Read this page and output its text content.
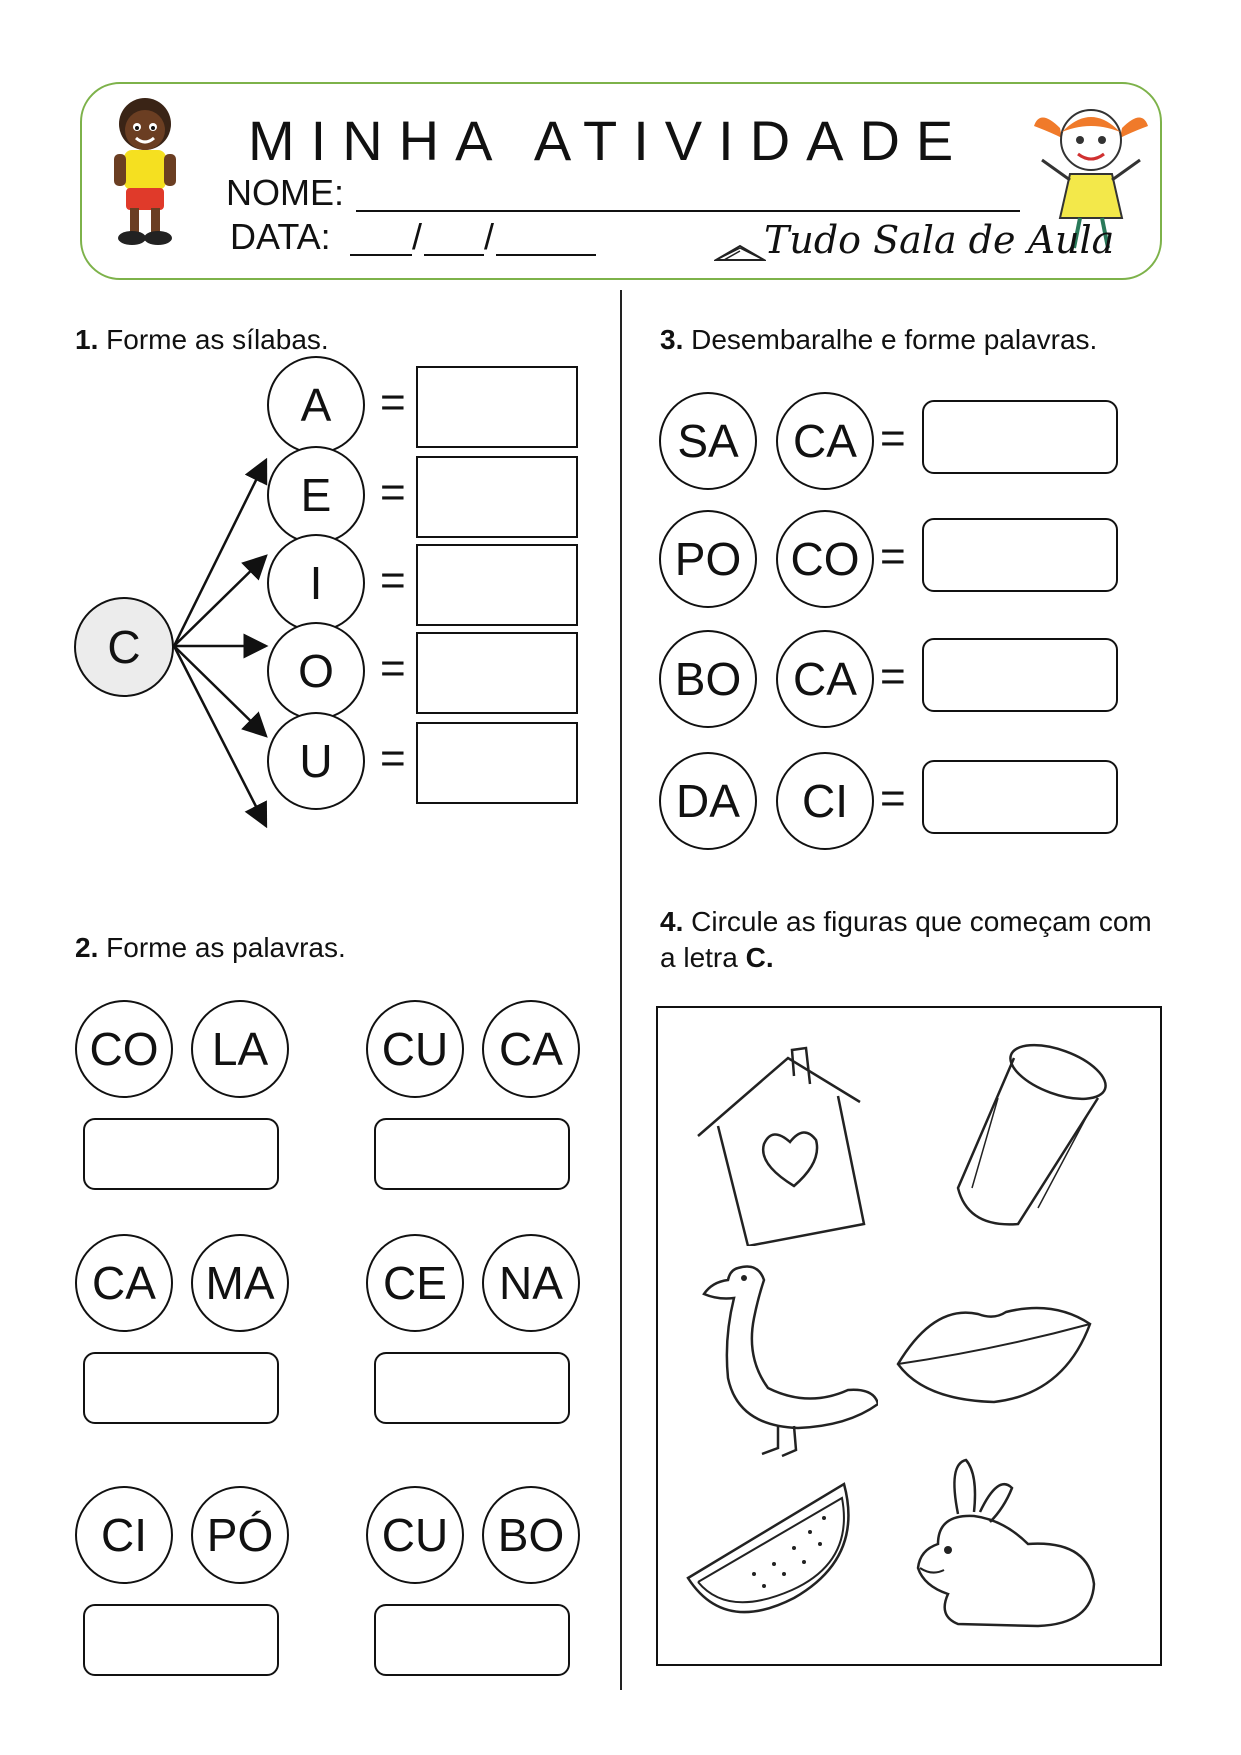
MINHA ATIVIDADE
NOME:
DATA: / /	Tudo Sala de Aula
1. Forme as sílabas.
C
3. Desembaralhe e forme palavras.
2. Forme as palavras.
4. Circule as figuras que começam com
a letra C.
A	=
E	=
I	=
O	=
U	=
SA	CA =
PO	CO =
BO	CA =
DA	CI =
CO	LA	CU	CA
CA	MA	CE	NA
CI	PÓ	CU	BO
